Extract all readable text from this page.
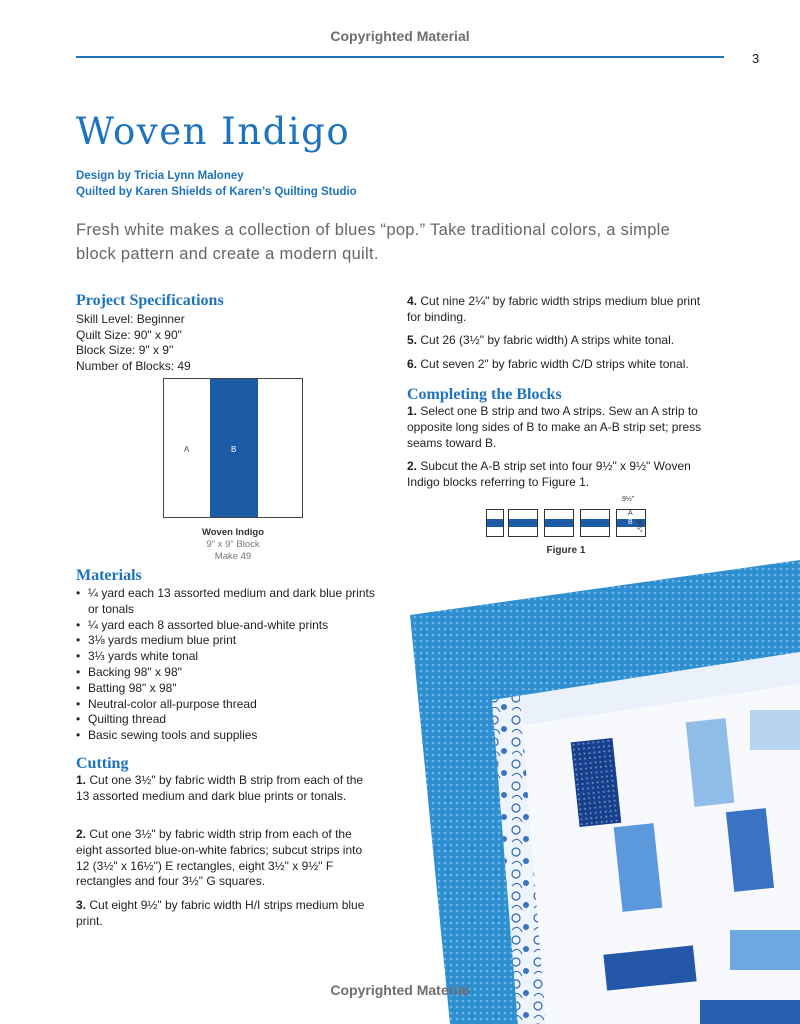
Copyrighted Material
3
Woven Indigo
Design by Tricia Lynn Maloney
Quilted by Karen Shields of Karen’s Quilting Studio
Fresh white makes a collection of blues “pop.” Take traditional colors, a simple block pattern and create a modern quilt.
Project Specifications
Skill Level: Beginner
Quilt Size: 90" x 90"
Block Size: 9" x 9"
Number of Blocks: 49
A	B
Woven Indigo
9" x 9" Block
Make 49
Materials
• ¼ yard each 13 assorted medium and dark blue prints or tonals
• ¼ yard each 8 assorted blue-and-white prints
• 3⅛ yards medium blue print
• 3⅓ yards white tonal
• Backing 98" x 98"
• Batting 98" x 98"
• Neutral-color all-purpose thread
• Quilting thread
• Basic sewing tools and supplies
Cutting
1. Cut one 3½" by fabric width B strip from each of the 13 assorted medium and dark blue prints or tonals.
2. Cut one 3½" by fabric width strip from each of the eight assorted blue-on-white fabrics; subcut strips into 12 (3½" x 16½") E rectangles, eight 3½" x 9½" F rectangles and four 3½" G squares.
3. Cut eight 9½" by fabric width H/I strips medium blue print.
4. Cut nine 2¼" by fabric width strips medium blue print for binding.
5. Cut 26 (3½" by fabric width) A strips white tonal.
6. Cut seven 2" by fabric width C/D strips white tonal.
Completing the Blocks
1. Select one B strip and two A strips. Sew an A strip to opposite long sides of B to make an A-B strip set; press seams toward B.
2. Subcut the A-B strip set into four 9½" x 9½" Woven Indigo blocks referring to Figure 1.
A
B
9½"
9½"
Figure 1
Copyrighted Material
